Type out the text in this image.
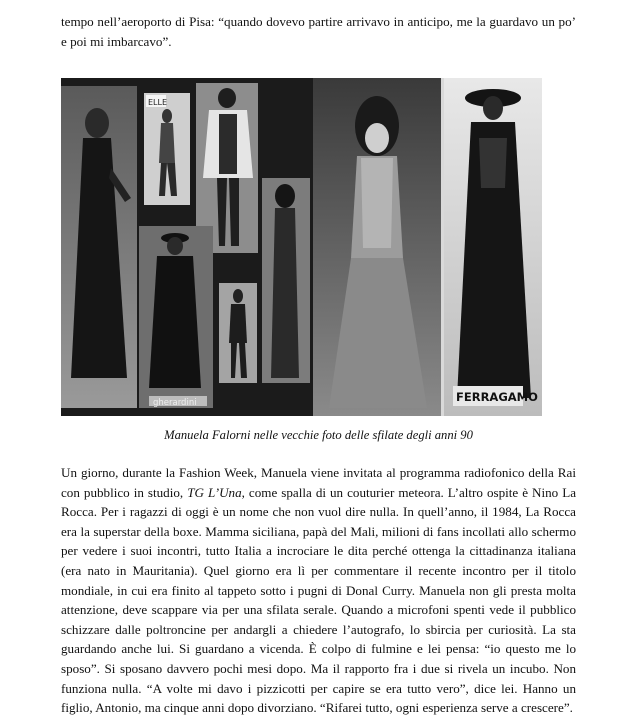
tempo nell’aeroporto di Pisa: “quando dovevo partire arrivavo in anticipo, me la guardavo un po’ e poi mi imbarcavo”.

ELLE
gherardini	FERRAGAMO

Manuela Falorni nelle vecchie foto delle sfilate degli anni 90

Un giorno, durante la Fashion Week, Manuela viene invitata al programma radiofonico della Rai con pubblico in studio, TG L’Una, come spalla di un couturier meteora. L’altro ospite è Nino La Rocca. Per i ragazzi di oggi è un nome che non vuol dire nulla. In quell’anno, il 1984, La Rocca era la superstar della boxe. Mamma siciliana, papà del Mali, milioni di fans incollati allo schermo per vedere i suoi incontri, tutto Italia a incrociare le dita perché ottenga la cittadinanza italiana (era nato in Mauritania). Quel giorno era lì per commentare il recente incontro per il titolo mondiale, in cui era finito al tappeto sotto i pugni di Donal Curry. Manuela non gli presta molta attenzione, deve scappare via per una sfilata serale. Quando a microfoni spenti vede il pubblico schizzare dalle poltroncine per andargli a chiedere l’autografo, lo sbircia per curiosità. La sta guardando anche lui. Si guardano a vicenda. È colpo di fulmine e lei pensa: “io questo me lo sposo”. Si sposano davvero pochi mesi dopo. Ma il rapporto fra i due si rivela un incubo. Non funziona nulla. “A volte mi davo i pizzicotti per capire se era tutto vero”, dice lei. Hanno un figlio, Antonio, ma cinque anni dopo divorziano. “Rifarei tutto, ogni esperienza serve a crescere”.
